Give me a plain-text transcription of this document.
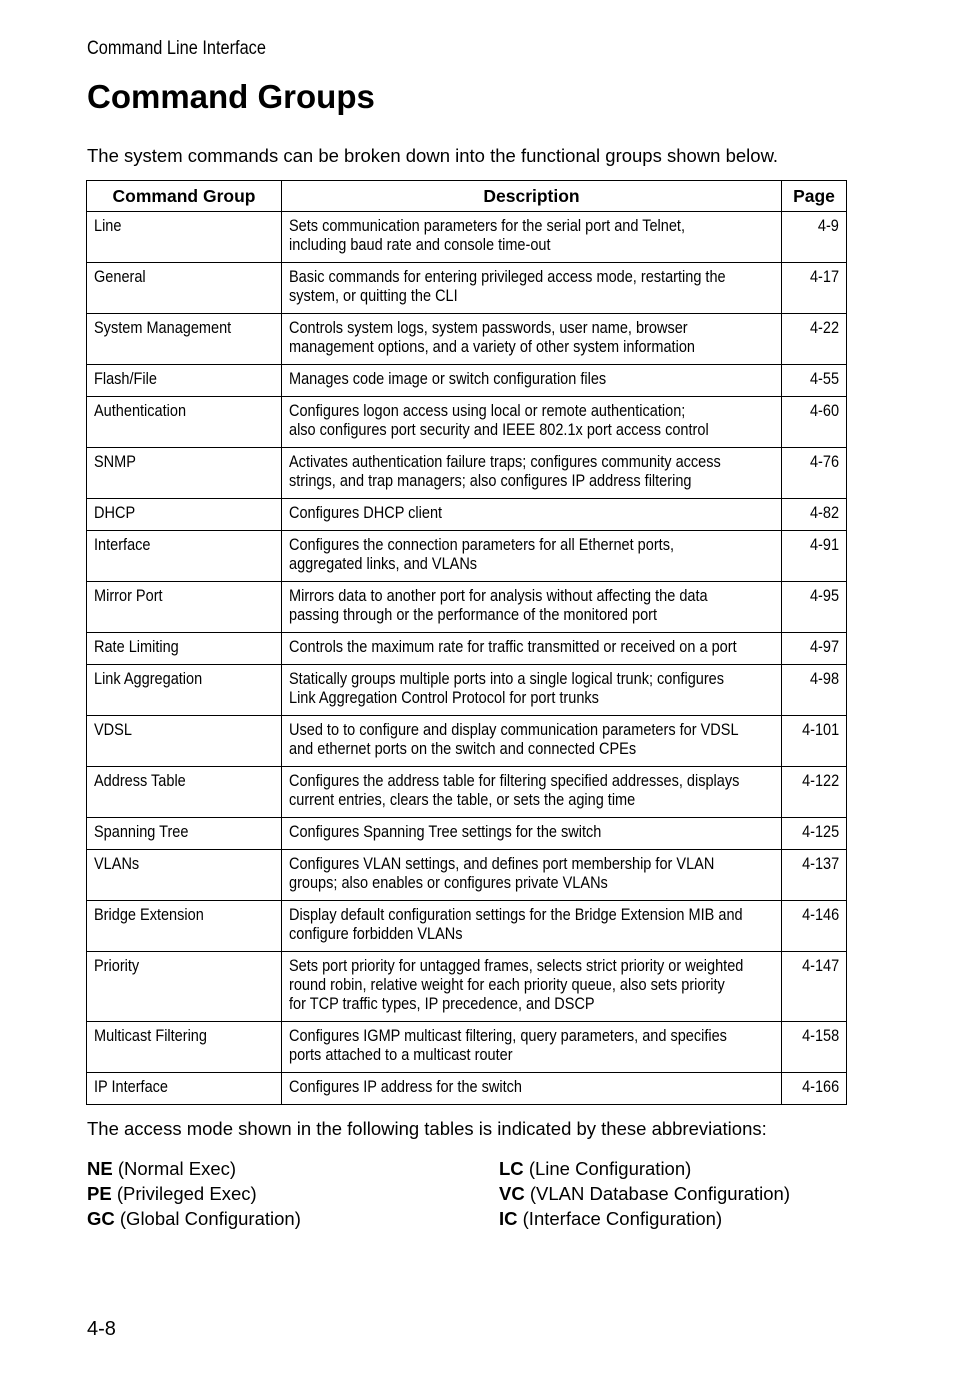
Command Line Interface
Command Groups
The system commands can be broken down into the functional groups shown below.
Command Group	Description	Page
Line	Sets communication parameters for the serial port and Telnet,
including baud rate and console time-out	4-9
General	Basic commands for entering privileged access mode, restarting the
system, or quitting the CLI	4-17
System Management	Controls system logs, system passwords, user name, browser
management options, and a variety of other system information	4-22
Flash/File	Manages code image or switch configuration files	4-55
Authentication	Configures logon access using local or remote authentication;
also configures port security and IEEE 802.1x port access control	4-60
SNMP	Activates authentication failure traps; configures community access
strings, and trap managers; also configures IP address filtering	4-76
DHCP	Configures DHCP client	4-82
Interface	Configures the connection parameters for all Ethernet ports,
aggregated links, and VLANs	4-91
Mirror Port	Mirrors data to another port for analysis without affecting the data
passing through or the performance of the monitored port	4-95
Rate Limiting	Controls the maximum rate for traffic transmitted or received on a port	4-97
Link Aggregation	Statically groups multiple ports into a single logical trunk; configures
Link Aggregation Control Protocol for port trunks	4-98
VDSL	Used to to configure and display communication parameters for VDSL
and ethernet ports on the switch and connected CPEs	4-101
Address Table	Configures the address table for filtering specified addresses, displays
current entries, clears the table, or sets the aging time	4-122
Spanning Tree	Configures Spanning Tree settings for the switch	4-125
VLANs	Configures VLAN settings, and defines port membership for VLAN
groups; also enables or configures private VLANs	4-137
Bridge Extension	Display default configuration settings for the Bridge Extension MIB and
configure forbidden VLANs	4-146
Priority	Sets port priority for untagged frames, selects strict priority or weighted
round robin, relative weight for each priority queue, also sets priority
for TCP traffic types, IP precedence, and DSCP	4-147
Multicast Filtering	Configures IGMP multicast filtering, query parameters, and specifies
ports attached to a multicast router	4-158
IP Interface	Configures IP address for the switch	4-166
The access mode shown in the following tables is indicated by these abbreviations:
NE (Normal Exec)
PE (Privileged Exec)
GC (Global Configuration)
LC (Line Configuration)
VC (VLAN Database Configuration)
IC (Interface Configuration)
4-8
